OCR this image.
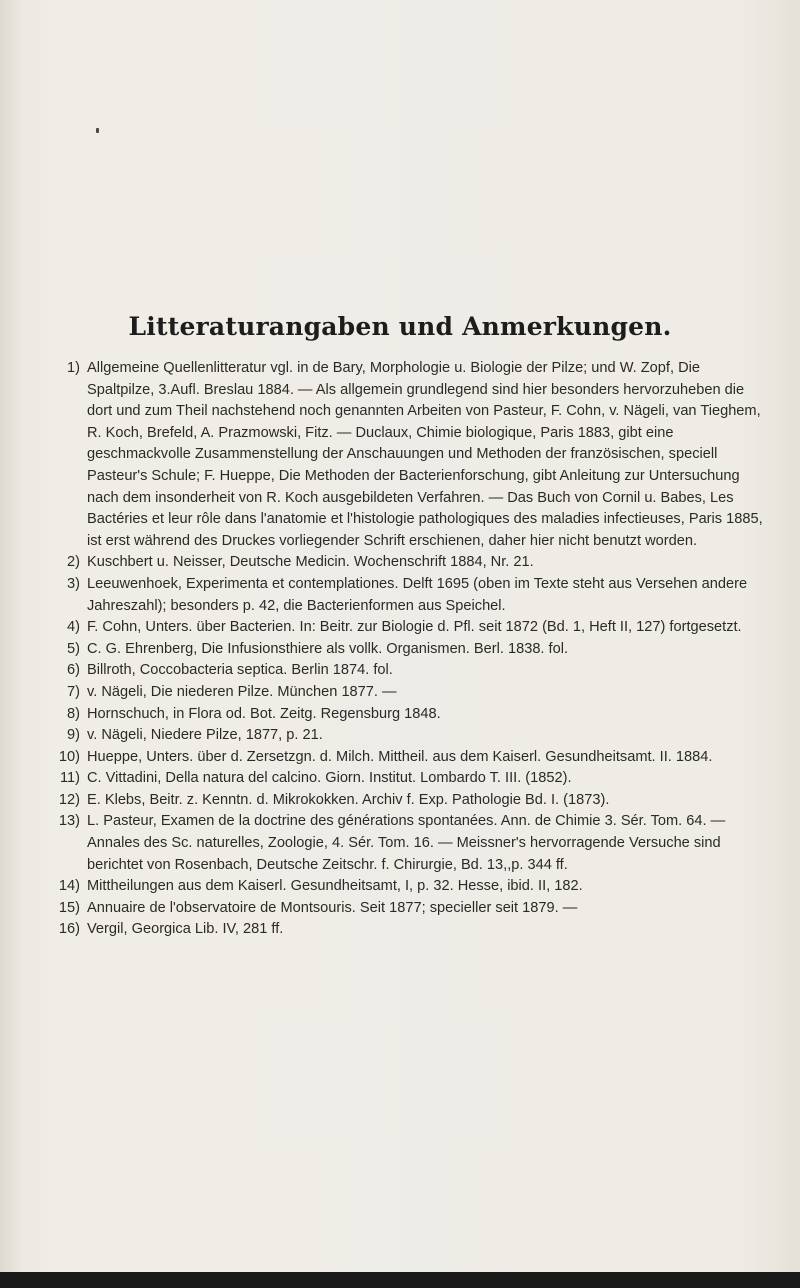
Litteraturangaben und Anmerkungen.
1) Allgemeine Quellenlitteratur vgl. in de Bary, Morphologie u. Biologie der Pilze; und W. Zopf, Die Spaltpilze, 3.Aufl. Breslau 1884. — Als allgemein grundlegend sind hier besonders hervorzuheben die dort und zum Theil nachstehend noch genannten Arbeiten von Pasteur, F. Cohn, v. Nägeli, van Tieghem, R. Koch, Brefeld, A. Prazmowski, Fitz. — Duclaux, Chimie biologique, Paris 1883, gibt eine geschmackvolle Zusammenstellung der Anschauungen und Methoden der französischen, speciell Pasteur's Schule; F. Hueppe, Die Methoden der Bacterienforschung, gibt Anleitung zur Untersuchung nach dem insonderheit von R. Koch ausgebildeten Verfahren. — Das Buch von Cornil u. Babes, Les Bactéries et leur rôle dans l'anatomie et l'histologie pathologiques des maladies infectieuses, Paris 1885, ist erst während des Druckes vorliegender Schrift erschienen, daher hier nicht benutzt worden.
2) Kuschbert u. Neisser, Deutsche Medicin. Wochenschrift 1884, Nr. 21.
3) Leeuwenhoek, Experimenta et contemplationes. Delft 1695 (oben im Texte steht aus Versehen andere Jahreszahl); besonders p. 42, die Bacterienformen aus Speichel.
4) F. Cohn, Unters. über Bacterien. In: Beitr. zur Biologie d. Pfl. seit 1872 (Bd. 1, Heft II, 127) fortgesetzt.
5) C. G. Ehrenberg, Die Infusionsthiere als vollk. Organismen. Berl. 1838. fol.
6) Billroth, Coccobacteria septica. Berlin 1874. fol.
7) v. Nägeli, Die niederen Pilze. München 1877. —
8) Hornschuch, in Flora od. Bot. Zeitg. Regensburg 1848.
9) v. Nägeli, Niedere Pilze, 1877, p. 21.
10) Hueppe, Unters. über d. Zersetzgn. d. Milch. Mittheil. aus dem Kaiserl. Gesundheitsamt. II. 1884.
11) C. Vittadini, Della natura del calcino. Giorn. Institut. Lombardo T. III. (1852).
12) E. Klebs, Beitr. z. Kenntn. d. Mikrokokken. Archiv f. Exp. Pathologie Bd. I. (1873).
13) L. Pasteur, Examen de la doctrine des générations spontanées. Ann. de Chimie 3. Sér. Tom. 64. — Annales des Sc. naturelles, Zoologie, 4. Sér. Tom. 16. — Meissner's hervorragende Versuche sind berichtet von Rosenbach, Deutsche Zeitschr. f. Chirurgie, Bd. 13,,p. 344 ff.
14) Mittheilungen aus dem Kaiserl. Gesundheitsamt, I, p. 32. Hesse, ibid. II, 182.
15) Annuaire de l'observatoire de Montsouris. Seit 1877; specieller seit 1879. —
16) Vergil, Georgica Lib. IV, 281 ff.
